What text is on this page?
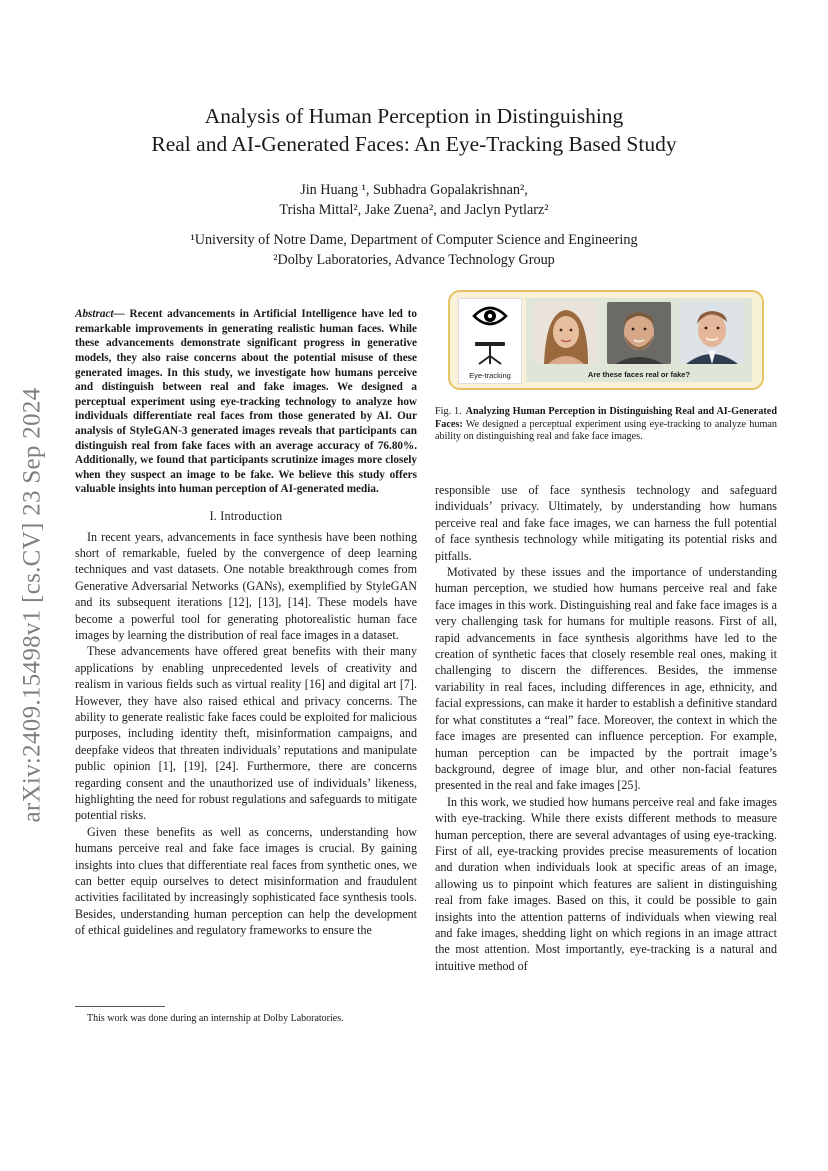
Analysis of Human Perception in Distinguishing
Real and AI-Generated Faces: An Eye-Tracking Based Study
Jin Huang ¹, Subhadra Gopalakrishnan²,
Trisha Mittal², Jake Zuena², and Jaclyn Pytlarz²
¹University of Notre Dame, Department of Computer Science and Engineering
²Dolby Laboratories, Advance Technology Group
arXiv:2409.15498v1 [cs.CV] 23 Sep 2024

Abstract— Recent advancements in Artificial Intelligence have led to remarkable improvements in generating realistic human faces. While these advancements demonstrate significant progress in generative models, they also raise concerns about the potential misuse of these generated images. In this study, we investigate how humans perceive and distinguish between real and fake images. We designed a perceptual experiment using eye-tracking technology to analyze how individuals differentiate real faces from those generated by AI. Our analysis of StyleGAN-3 generated images reveals that participants can distinguish real from fake faces with an average accuracy of 76.80%. Additionally, we found that participants scrutinize images more closely when they suspect an image to be fake. We believe this study offers valuable insights into human perception of AI-generated media.

I. Introduction

In recent years, advancements in face synthesis have been nothing short of remarkable, fueled by the convergence of deep learning techniques and vast datasets. One notable breakthrough comes from Generative Adversarial Networks (GANs), exemplified by StyleGAN and its subsequent iterations [12], [13], [14]. These models have become a powerful tool for generating photorealistic human face images by learning the distribution of real face images in a dataset.

These advancements have offered great benefits with their many applications by enabling unprecedented levels of creativity and realism in various fields such as virtual reality [16] and digital art [7]. However, they have also raised ethical and privacy concerns. The ability to generate realistic fake faces could be exploited for malicious purposes, including identity theft, misinformation campaigns, and deepfake videos that threaten individuals’ reputations and manipulate public opinion [1], [19], [24]. Furthermore, there are concerns regarding consent and the unauthorized use of individuals’ likeness, highlighting the need for robust regulations and safeguards to mitigate potential risks.

Given these benefits as well as concerns, understanding how humans perceive real and fake face images is crucial. By gaining insights into clues that differentiate real faces from synthetic ones, we can better equip ourselves to detect misinformation and fraudulent activities facilitated by increasingly sophisticated face synthesis tools. Besides, understanding human perception can help the development of ethical guidelines and regulatory frameworks to ensure the

This work was done during an internship at Dolby Laboratories.
Eye-tracking	Are these faces real or fake?
Fig. 1. Analyzing Human Perception in Distinguishing Real and AI-Generated Faces: We designed a perceptual experiment using eye-tracking to analyze human ability on distinguishing real and fake face images.

responsible use of face synthesis technology and safeguard individuals’ privacy. Ultimately, by understanding how humans perceive real and fake face images, we can harness the full potential of face synthesis technology while mitigating its potential risks and pitfalls.

Motivated by these issues and the importance of understanding human perception, we studied how humans perceive real and fake face images in this work. Distinguishing real and fake face images is a very challenging task for humans for multiple reasons. First of all, rapid advancements in face synthesis algorithms have led to the creation of synthetic faces that closely resemble real ones, making it challenging to discern the differences. Besides, the immense variability in real faces, including differences in age, ethnicity, and facial expressions, can make it harder to establish a definitive standard for what constitutes a “real” face. Moreover, the context in which the face images are presented can influence perception. For example, human perception can be impacted by the portrait image’s background, degree of image blur, and other non-facial features presented in the real and fake images [25].

In this work, we studied how humans perceive real and fake images with eye-tracking. While there exists different methods to measure human perception, there are several advantages of using eye-tracking. First of all, eye-tracking provides precise measurements of location and duration when individuals look at specific areas of an image, allowing us to pinpoint which features are salient in distinguishing real from fake images. Based on this, it could be possible to gain insights into the attention patterns of individuals when viewing real and fake images, shedding light on which regions in an image attract the most attention. Most importantly, eye-tracking is a natural and intuitive method of
